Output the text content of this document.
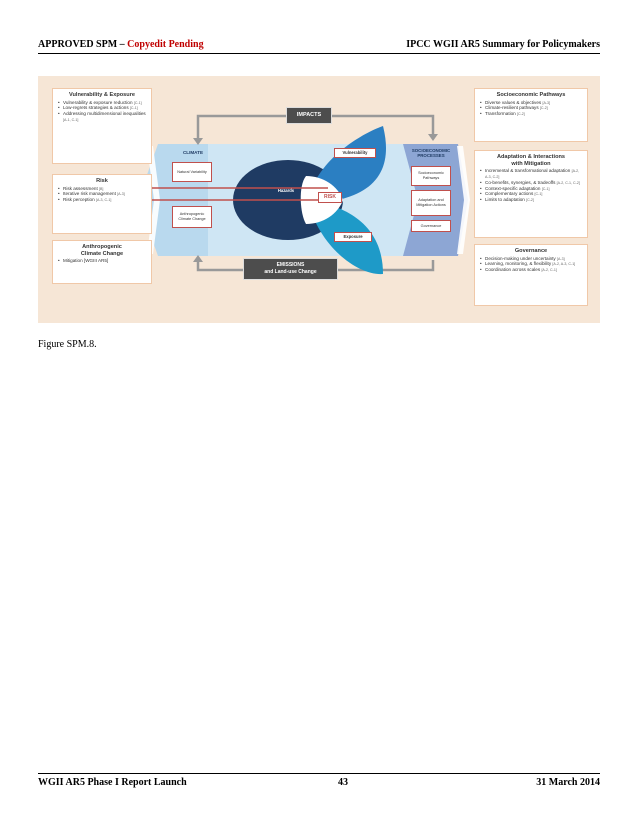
APPROVED SPM – Copyedit Pending	IPCC WGII AR5 Summary for Policymakers
Vulnerability & Exposure
• Vulnerability & exposure reduction [C-1]
• Low-regrets strategies & actions [C-1]
• Addressing multidimensional inequalities [A-1, C-1]
Risk
• Risk assessment [B]
• Iterative risk management [A-3]
• Risk perception [A-3, C-1]
Anthropogenic
Climate Change
• Mitigation [WGIII AR5]
Socioeconomic Pathways
• Diverse values & objectives [A-3]
• Climate-resilient pathways [C-2]
• Transformation [C-2]
Adaptation & Interactions
with Mitigation
• Incremental & transformational adaptation [A-2, A-3, C-2]
• Co-benefits, synergies, & tradeoffs [A-2, C-1, C-2]
• Context-specific adaptation [C-1]
• Complementary actions [C-1]
• Limits to adaptation [C-2]
Governance
• Decision-making under uncertainty [A-3]
• Learning, monitoring, & flexibility [A-2, A-3, C-1]
• Coordination across scales [A-2, C-1]
IMPACTS
EMISSIONS
and Land-use Change
CLIMATE
Natural Variability
Anthropogenic Climate Change
Hazards
RISK
Vulnerability
Exposure
SOCIOECONOMIC
PROCESSES
Socioeconomic Pathways
Adaptation and Mitigation Actions
Governance
Figure SPM.8.
WGII AR5 Phase I Report Launch	43	31 March 2014
